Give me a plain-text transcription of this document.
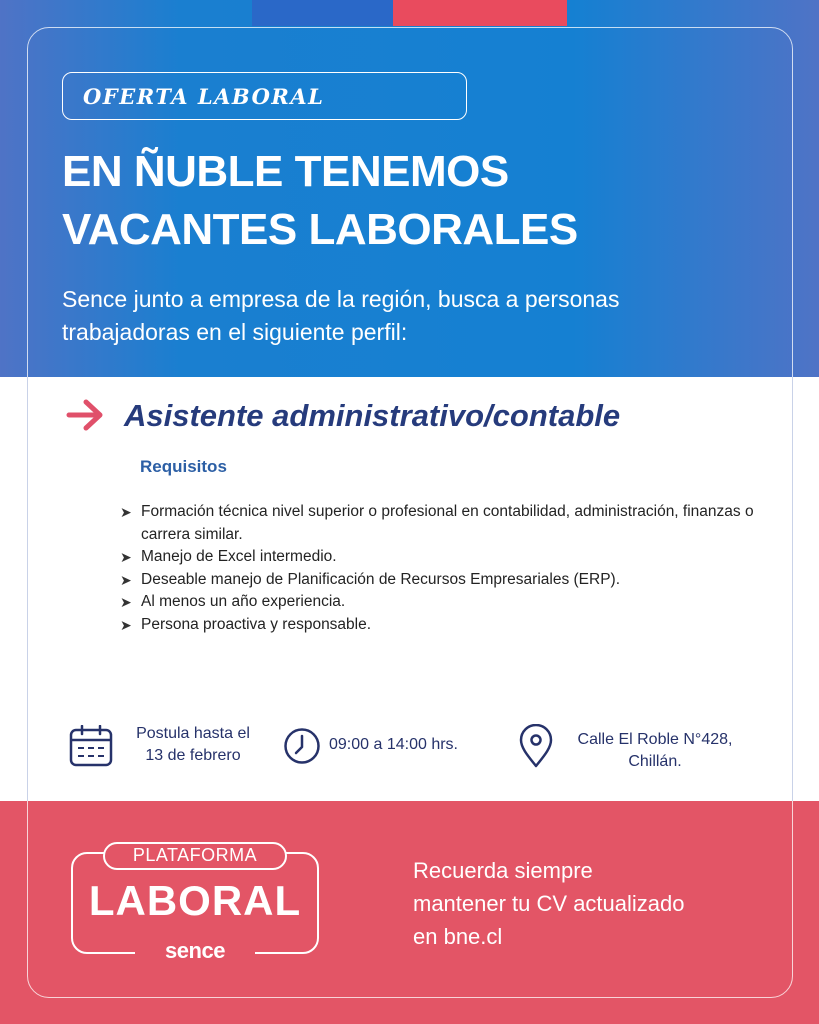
OFERTA LABORAL
EN ÑUBLE TENEMOS
VACANTES LABORALES

Sence junto a empresa de la región, busca a personas
trabajadoras en el siguiente perfil:

Asistente administrativo/contable
Requisitos
➤ Formación técnica nivel superior o profesional en contabilidad, administración, finanzas o carrera similar.
➤ Manejo de Excel intermedio.
➤ Deseable manejo de Planificación de Recursos Empresariales (ERP).
➤ Al menos un año experiencia.
➤ Persona proactiva y responsable.
Postula hasta el
13 de febrero
09:00 a 14:00 hrs.	Calle El Roble N°428,
Chillán.
PLATAFORMA
LABORAL
sence

Recuerda siempre
mantener tu CV actualizado
en bne.cl
